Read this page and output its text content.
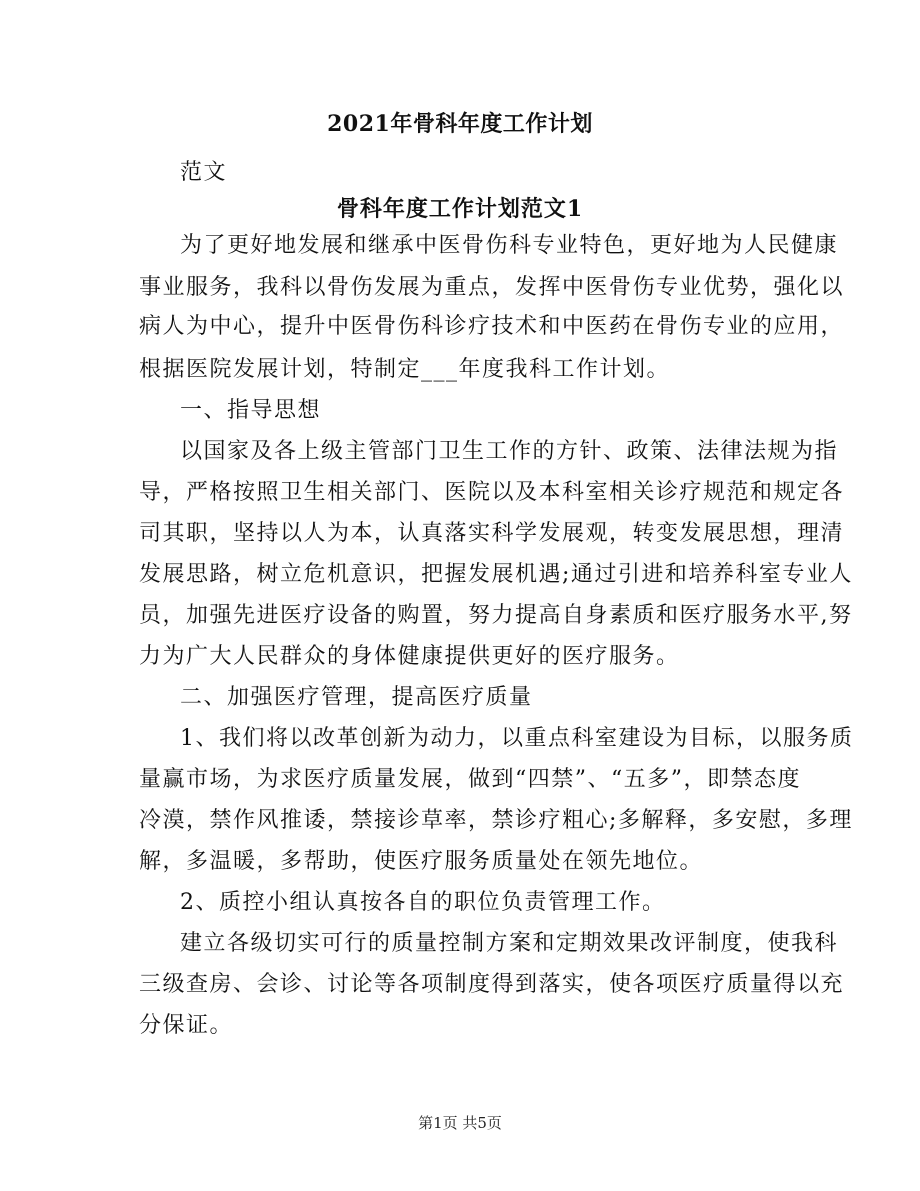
2021年骨科年度工作计划
范文
骨科年度工作计划范文1
为了更好地发展和继承中医骨伤科专业特色，更好地为人民健康
事业服务，我科以骨伤发展为重点，发挥中医骨伤专业优势，强化以
病人为中心，提升中医骨伤科诊疗技术和中医药在骨伤专业的应用，
根据医院发展计划，特制定___年度我科工作计划。
一、指导思想
以国家及各上级主管部门卫生工作的方针、政策、法律法规为指
导，严格按照卫生相关部门、医院以及本科室相关诊疗规范和规定各
司其职，坚持以人为本，认真落实科学发展观，转变发展思想，理清
发展思路，树立危机意识，把握发展机遇;通过引进和培养科室专业人
员，加强先进医疗设备的购置，努力提高自身素质和医疗服务水平,努
力为广大人民群众的身体健康提供更好的医疗服务。
二、加强医疗管理，提高医疗质量
1、我们将以改革创新为动力，以重点科室建设为目标，以服务质
量赢市场，为求医疗质量发展，做到“四禁”、“五多”，即禁态度
冷漠，禁作风推诿，禁接诊草率，禁诊疗粗心;多解释，多安慰，多理
解，多温暖，多帮助，使医疗服务质量处在领先地位。
2、质控小组认真按各自的职位负责管理工作。
建立各级切实可行的质量控制方案和定期效果改评制度，使我科
三级查房、会诊、讨论等各项制度得到落实，使各项医疗质量得以充
分保证。
第1页 共5页
